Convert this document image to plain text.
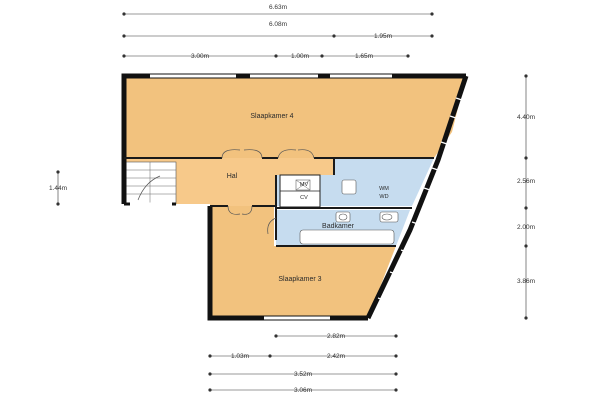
Slaapkamer 4
Hal
MV
CV
WM
WD
Badkamer
Slaapkamer 3
6.63m
6.08m
1.95m
3.00m	1.00m	1.65m
4.40m
2.56m
2.00m
3.86m
1.44m
2.82m
1.03m	2.42m
3.52m
3.06m
